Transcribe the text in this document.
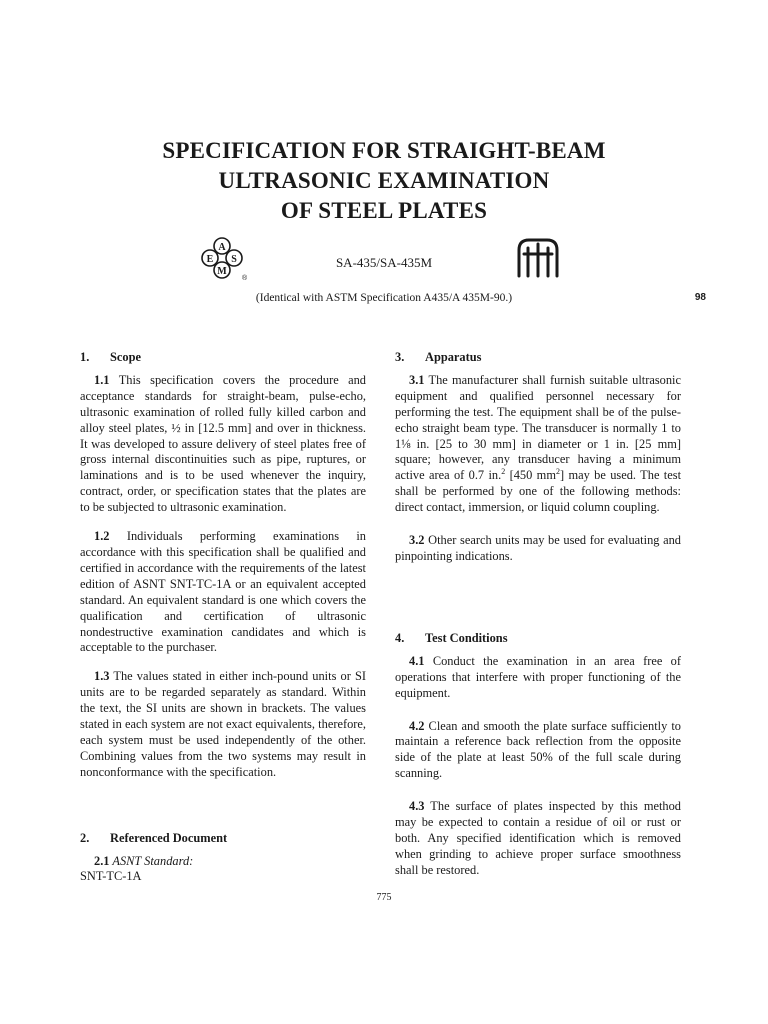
SPECIFICATION FOR STRAIGHT-BEAM
ULTRASONIC EXAMINATION
OF STEEL PLATES
A
E S
M
®
SA-435/SA-435M
(Identical with ASTM Specification A435/A 435M-90.)	98
1. Scope

1.1 This specification covers the procedure and acceptance standards for straight-beam, pulse-echo, ultrasonic examination of rolled fully killed carbon and alloy steel plates, ½ in [12.5 mm] and over in thickness. It was developed to assure delivery of steel plates free of gross internal discontinuities such as pipe, ruptures, or laminations and is to be used whenever the inquiry, contract, order, or specification states that the plates are to be subjected to ultrasonic examination.

1.2 Individuals performing examinations in accordance with this specification shall be qualified and certified in accordance with the requirements of the latest edition of ASNT SNT-TC-1A or an equivalent accepted standard. An equivalent standard is one which covers the qualification and certification of ultrasonic nondestructive examination candidates and which is acceptable to the purchaser.

1.3 The values stated in either inch-pound units or SI units are to be regarded separately as standard. Within the text, the SI units are shown in brackets. The values stated in each system are not exact equivalents, therefore, each system must be used independently of the other. Combining values from the two systems may result in nonconformance with the specification.

2. Referenced Document

2.1 ASNT Standard:

SNT-TC-1A

3. Apparatus

3.1 The manufacturer shall furnish suitable ultrasonic equipment and qualified personnel necessary for performing the test. The equipment shall be of the pulse-echo straight beam type. The transducer is normally 1 to 1⅛ in. [25 to 30 mm] in diameter or 1 in. [25 mm] square; however, any transducer having a minimum active area of 0.7 in.$^2$ [450 $mm^2$] may be used. The test shall be performed by one of the following methods: direct contact, immersion, or liquid column coupling.

3.2 Other search units may be used for evaluating and pinpointing indications.

4. Test Conditions

4.1 Conduct the examination in an area free of operations that interfere with proper functioning of the equipment.

4.2 Clean and smooth the plate surface sufficiently to maintain a reference back reflection from the opposite side of the plate at least 50% of the full scale during scanning.

4.3 The surface of plates inspected by this method may be expected to contain a residue of oil or rust or both. Any specified identification which is removed when grinding to achieve proper surface smoothness shall be restored.

775
